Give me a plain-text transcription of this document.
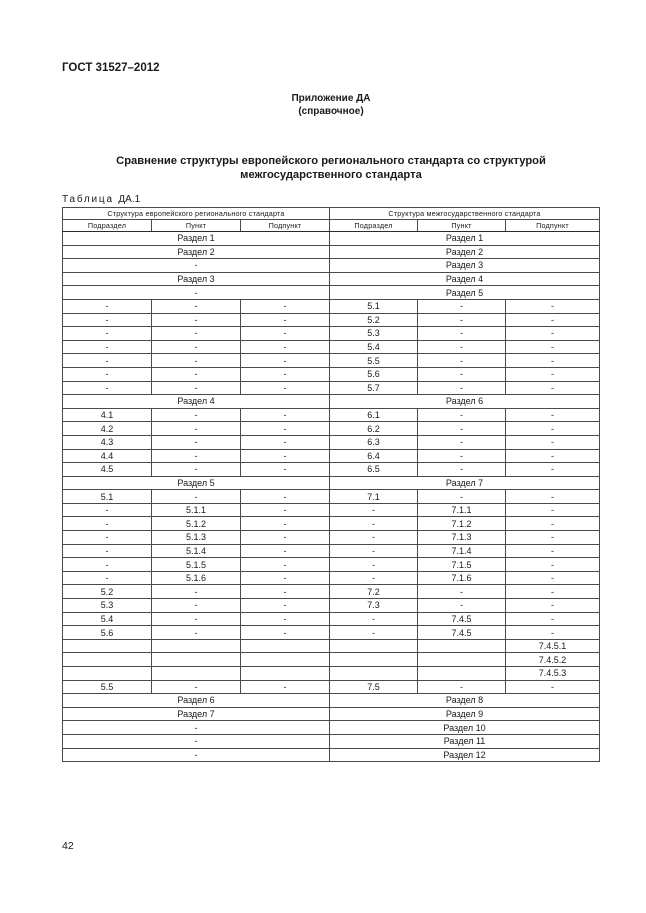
ГОСТ 31527–2012
Приложение ДА
(справочное)
Сравнение структуры европейского регионального стандарта со структурой
межгосударственного стандарта
Таблица ДА.1
Структура европейского регионального стандарта			Структура межгосударственного стандарта		
Подраздел	Пункт	Подпункт	Подраздел	Пункт	Подпункт
Раздел 1			Раздел 1		
Раздел 2			Раздел 2		
-			Раздел 3		
Раздел 3			Раздел 4		
-			Раздел 5		
-	-	-	5.1	-	-
-	-	-	5.2	-	-
-	-	-	5.3	-	-
-	-	-	5.4	-	-
-	-	-	5.5	-	-
-	-	-	5.6	-	-
-	-	-	5.7	-	-
Раздел 4			Раздел 6		
4.1	-	-	6.1	-	-
4.2	-	-	6.2	-	-
4.3	-	-	6.3	-	-
4.4	-	-	6.4	-	-
4.5	-	-	6.5	-	-
Раздел 5			Раздел 7		
5.1	-	-	7.1	-	-
-	5.1.1	-	-	7.1.1	-
-	5.1.2	-	-	7.1.2	-
-	5.1.3	-	-	7.1.3	-
-	5.1.4	-	-	7.1.4	-
-	5.1.5	-	-	7.1.5	-
-	5.1.6	-	-	7.1.6	-
5.2	-	-	7.2	-	-
5.3	-	-	7.3	-	-
5.4	-	-	-	7.4.5	-
5.6	-	-	-	7.4.5	-
					7.4.5.1
					7.4.5.2
					7.4.5.3
5.5	-	-	7.5	-	-
Раздел 6			Раздел 8		
Раздел 7			Раздел 9		
-			Раздел 10		
-			Раздел 11		
-			Раздел 12		
42
